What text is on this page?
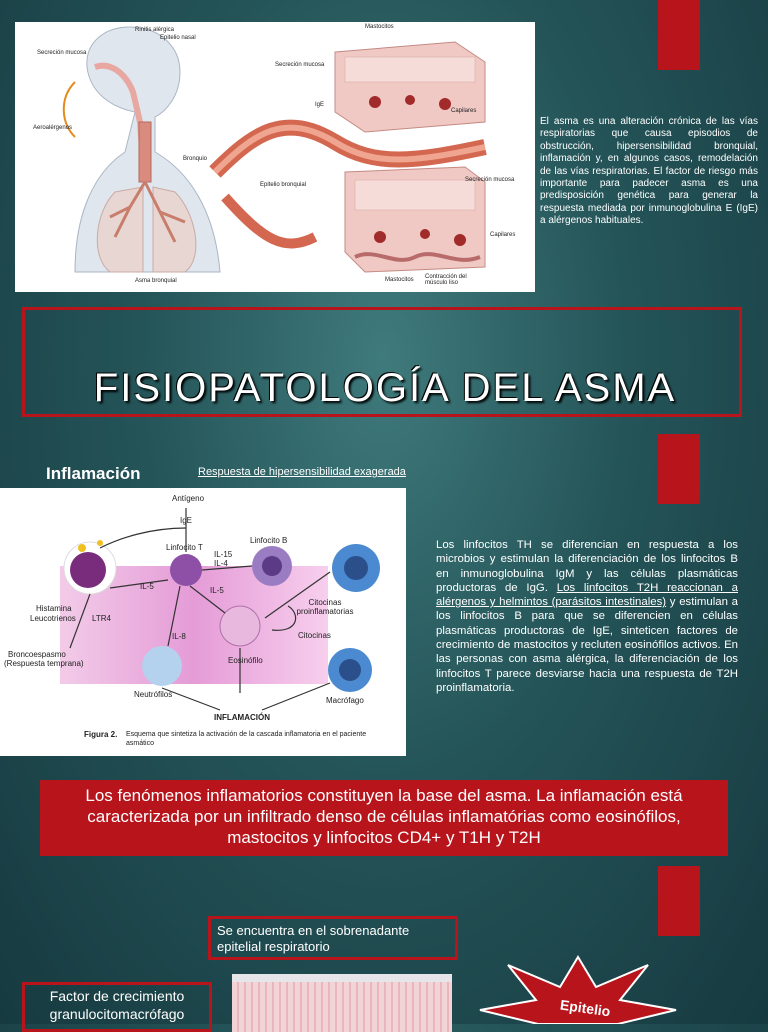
Rinitis alérgica
Epitelio nasal
Secreción mucosa
Aeroalérgenos
Bronquio
Epitelio bronquial
Asma bronquial
Mastocitos
Secreción mucosa
IgE
Capilares
Secreción mucosa
Capilares
Mastocitos Contracción del músculo liso
El asma es una alteración crónica de las vías respiratorias que causa episodios de obstrucción, hipersensibilidad bronquial, inflamación y, en algunos casos, remodelación de las vías respiratorias. El factor de riesgo más importante para padecer asma es una predisposición genética para generar la respuesta mediada por inmunoglobulina E (IgE) a alérgenos habituales.
FISIOPATOLOGÍA DEL ASMA
Inflamación	Respuesta de hipersensibilidad exagerada
Antígeno
IgE
Linfocito T
Linfocito B
IL-15
IL-4
IL-5	IL-5
IL-8
LTR4
Histamina
Leucotrienos
Broncoespasmo
(Respuesta temprana)
Citocinas proinflamatorias
Citocinas
Eosinófilo
Neutrófilos
Macrófago
INFLAMACIÓN
Figura 2. Esquema que sintetiza la activación de la cascada inflamatoria en el paciente asmático
Los linfocitos TH se diferencian en respuesta a los microbios y estimulan la diferenciación de los linfocitos B en inmunoglobulina IgM y las células plasmáticas productoras de IgG. Los linfocitos T2H reaccionan a alérgenos y helmintos (parásitos intestinales) y estimulan a los linfocitos B para que se diferencien en células plasmáticas productoras de IgE, sinteticen factores de crecimiento de mastocitos y recluten eosinófilos activos. En las personas con asma alérgica, la diferenciación de los linfocitos T parece desviarse hacia una respuesta de T2H proinflamatoria.
Los fenómenos inflamatorios constituyen la base del asma. La inflamación está caracterizada por un infiltrado denso de células inflamatórias como eosinófilos, mastocitos y linfocitos CD4+ y T1H y T2H
Se encuentra en el sobrenadante epitelial respiratorio
Factor de crecimiento granulocitomacrófago	Epitelio
